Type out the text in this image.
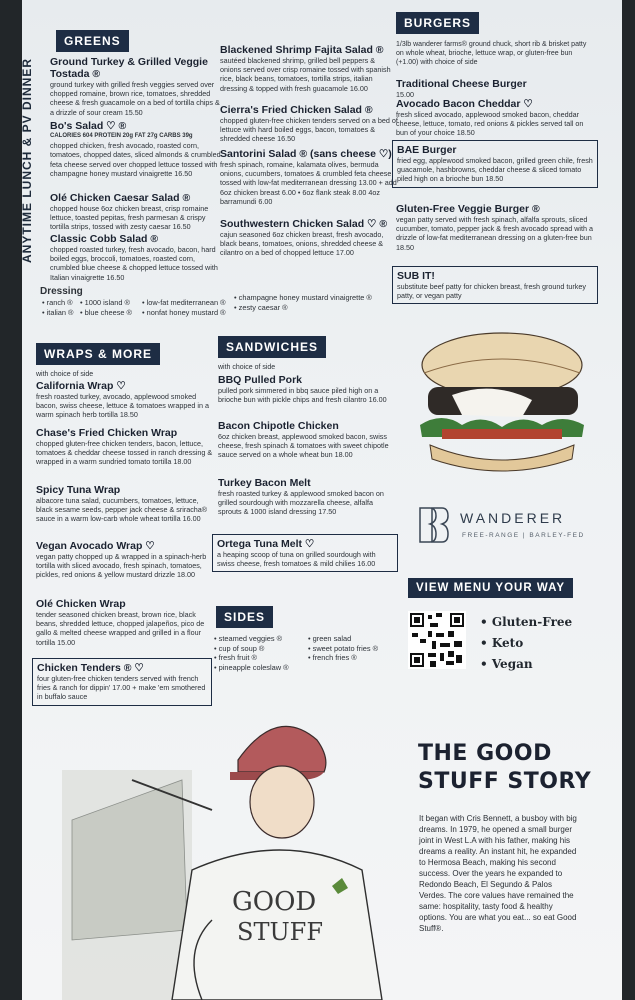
ANYTIME LUNCH & PV DINNER
GREENS
Ground Turkey & Grilled Veggie Tostada ®
ground turkey with grilled fresh veggies served over chopped romaine, brown rice, tomatoes, shredded cheese & fresh guacamole on a bed of tortilla chips & a drizzle of sour cream 15.50
Bo's Salad ♡ ®
CALORIES 604 PROTEIN 20g FAT 27g CARBS 39g
chopped chicken, fresh avocado, roasted corn, tomatoes, chopped dates, sliced almonds & crumbled feta cheese served over chopped lettuce tossed with champagne honey mustard vinaigrette 16.50
Olé Chicken Caesar Salad ®
chopped house 6oz chicken breast, crisp romaine lettuce, toasted pepitas, fresh parmesan & crispy tortilla strips, tossed with zesty caesar 16.50
Classic Cobb Salad ®
chopped roasted turkey, fresh avocado, bacon, hard boiled eggs, broccoli, tomatoes, roasted corn, crumbled blue cheese & chopped lettuce tossed with Italian vinaigrette 16.50
Blackened Shrimp Fajita Salad ®
sautéed blackened shrimp, grilled bell peppers & onions served over crisp romaine tossed with spanish rice, black beans, tomatoes, tortilla strips, italian dressing & topped with fresh guacamole 16.00
Cierra's Fried Chicken Salad ®
chopped gluten-free chicken tenders served on a bed of lettuce with hard boiled eggs, bacon, tomatoes & shredded cheese 16.50
Santorini Salad ® (sans cheese ♡)
fresh spinach, romaine, kalamata olives, bermuda onions, cucumbers, tomatoes & crumbled feta cheese tossed with low-fat mediterranean dressing 13.00 + add 6oz chicken breast 6.00 • 6oz flank steak 8.00 4oz barramundi 6.00
Southwestern Chicken Salad ♡ ®
cajun seasoned 6oz chicken breast, fresh avocado, black beans, tomatoes, onions, shredded cheese & cilantro on a bed of chopped lettuce 17.00
Dressing
• ranch ®
• italian ®
• 1000 island ®
• blue cheese ®
• low-fat mediterranean ®
• nonfat honey mustard ®
• champagne honey mustard vinaigrette ®
• zesty caesar ®
BURGERS
1/3lb wanderer farms® ground chuck, short rib & brisket patty on whole wheat, brioche, lettuce wrap, or gluten-free bun (+1.00) with choice of side
Traditional Cheese Burger
15.00
Avocado Bacon Cheddar ♡
fresh sliced avocado, applewood smoked bacon, cheddar cheese, lettuce, tomato, red onions & pickles served tall on bun of your choice 18.50
BAE Burger
fried egg, applewood smoked bacon, grilled green chile, fresh guacamole, hashbrowns, cheddar cheese & sliced tomato piled high on a brioche bun 18.50
Gluten-Free Veggie Burger ®
vegan patty served with fresh spinach, alfalfa sprouts, sliced cucumber, tomato, pepper jack & fresh avocado spread with a drizzle of low-fat mediterranean dressing on a gluten-free bun 18.50
SUB IT!
substitute beef patty for chicken breast, fresh ground turkey patty, or vegan patty
WRAPS & MORE
with choice of side
California Wrap ♡
fresh roasted turkey, avocado, applewood smoked bacon, swiss cheese, lettuce & tomatoes wrapped in a warm spinach herb tortilla 18.50
Chase's Fried Chicken Wrap
chopped gluten-free chicken tenders, bacon, lettuce, tomatoes & cheddar cheese tossed in ranch dressing & wrapped in a warm sundried tomato tortilla 18.00
Spicy Tuna Wrap
albacore tuna salad, cucumbers, tomatoes, lettuce, black sesame seeds, pepper jack cheese & sriracha® sauce in a warm low-carb whole wheat tortilla 16.00
Vegan Avocado Wrap ♡
vegan patty chopped up & wrapped in a spinach-herb tortilla with sliced avocado, fresh spinach, tomatoes, pickles, red onions & yellow mustard drizzle 18.00
Olé Chicken Wrap
tender seasoned chicken breast, brown rice, black beans, shredded lettuce, chopped jalapeños, pico de gallo & melted cheese wrapped and grilled in a flour tortilla 15.00
Chicken Tenders ® ♡
four gluten-free chicken tenders served with french fries & ranch for dippin' 17.00 + make 'em smothered in buffalo sauce
SANDWICHES
with choice of side
BBQ Pulled Pork
pulled pork simmered in bbq sauce piled high on a brioche bun with pickle chips and fresh cilantro 16.00
Bacon Chipotle Chicken
6oz chicken breast, applewood smoked bacon, swiss cheese, fresh spinach & tomatoes with sweet chipotle sauce served on a whole wheat bun 18.00
Turkey Bacon Melt
fresh roasted turkey & applewood smoked bacon on grilled sourdough with mozzarella cheese, alfalfa sprouts & 1000 island dressing 17.50
Ortega Tuna Melt ♡
a heaping scoop of tuna on grilled sourdough with swiss cheese, fresh tomatoes & mild chilies 16.00
SIDES
• steamed veggies ®
• cup of soup ®
• fresh fruit ®
• pineapple coleslaw ®
• green salad
• sweet potato fries ®
• french fries ®
WANDERER
FREE-RANGE | BARLEY-FED
VIEW MENU YOUR WAY
• Gluten-Free
• Keto
• Vegan
GOOD
STUFF
THE GOOD STUFF STORY
It began with Cris Bennett, a busboy with big dreams. In 1979, he opened a small burger joint in West L.A with his father, making his dreams a reality. An instant hit, he expanded to Hermosa Beach, making his second success. Over the years he expanded to Redondo Beach, El Segundo & Palos Verdes. The core values have remained the same: hospitality, tasty food & healthy options. You are what you eat... so eat Good Stuff®.
